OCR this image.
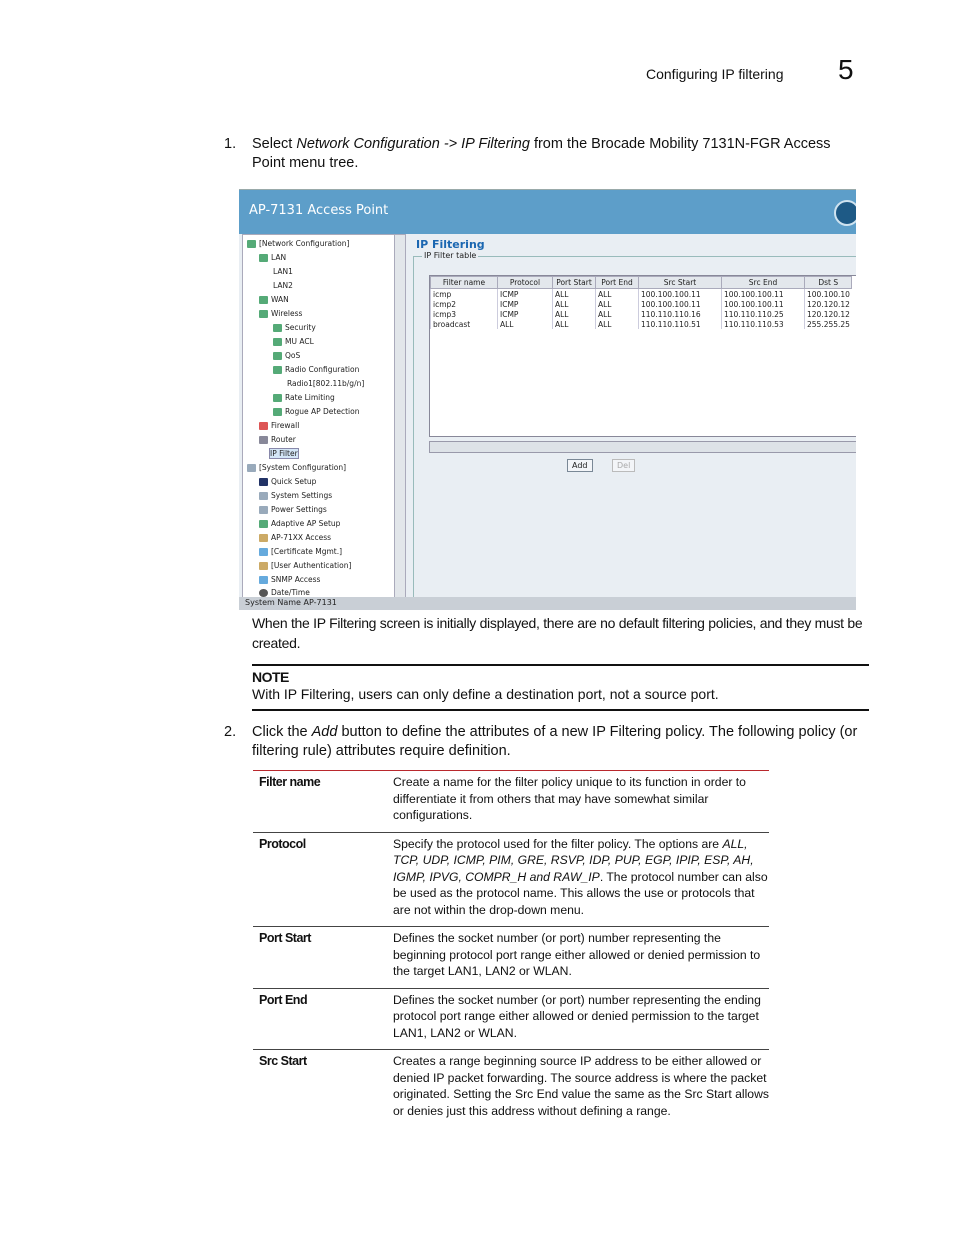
Configuring IP filtering 5
1. Select Network Configuration -> IP Filtering from the Brocade Mobility 7131N-FGR Access Point menu tree.
AP-7131 Access Point
[Network Configuration]
LAN
LAN1
LAN2
WAN
Wireless
Security
MU ACL
QoS
Radio Configuration
Radio1[802.11b/g/n]
Rate Limiting
Rogue AP Detection
Firewall
Router
IP Filter
[System Configuration]
Quick Setup
System Settings
Power Settings
Adaptive AP Setup
AP-71XX Access
[Certificate Mgmt.]
[User Authentication]
SNMP Access
Date/Time
IP Filtering
IP Filter table
Filter name	Protocol	Port Start	Port End	Src Start	Src End	Dst S
icmp	ICMP	ALL	ALL	100.100.100.11	100.100.100.11	100.100.10
icmp2	ICMP	ALL	ALL	100.100.100.11	100.100.100.11	120.120.12
icmp3	ICMP	ALL	ALL	110.110.110.16	110.110.110.25	120.120.12
broadcast	ALL	ALL	ALL	110.110.110.51	110.110.110.53	255.255.25
Add	Del
System Name AP-7131
When the IP Filtering screen is initially displayed, there are no default filtering policies, and they must be created.
NOTE
With IP Filtering, users can only define a destination port, not a source port.
2. Click the Add button to define the attributes of a new IP Filtering policy. The following policy (or filtering rule) attributes require definition.
Filter name	Create a name for the filter policy unique to its function in order to differentiate it from others that may have somewhat similar configurations.
Protocol	Specify the protocol used for the filter policy. The options are ALL, TCP, UDP, ICMP, PIM, GRE, RSVP, IDP, PUP, EGP, IPIP, ESP, AH, IGMP, IPVG, COMPR_H and RAW_IP. The protocol number can also be used as the protocol name. This allows the use or protocols that are not within the drop-down menu.
Port Start	Defines the socket number (or port) number representing the beginning protocol port range either allowed or denied permission to the target LAN1, LAN2 or WLAN.
Port End	Defines the socket number (or port) number representing the ending protocol port range either allowed or denied permission to the target LAN1, LAN2 or WLAN.
Src Start	Creates a range beginning source IP address to be either allowed or denied IP packet forwarding. The source address is where the packet originated. Setting the Src End value the same as the Src Start allows or denies just this address without defining a range.
